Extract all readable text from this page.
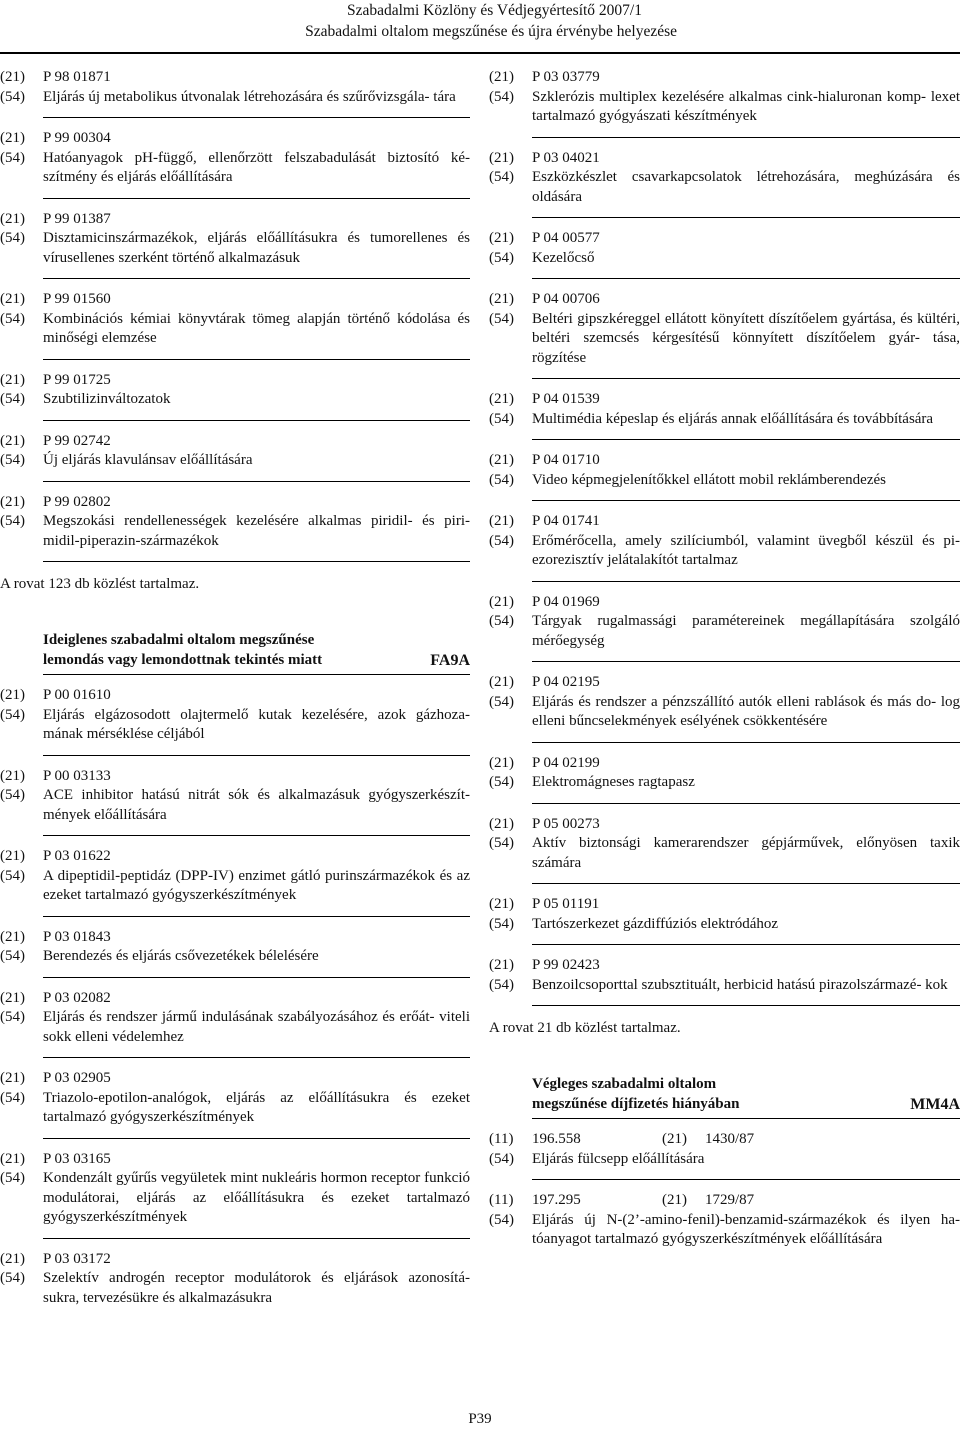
Szabadalmi Közlöny és Védjegyértesítő 2007/1
Szabadalmi oltalom megszűnése és újra érvénybe helyezése
(21)	P 98 01871
(54)	Eljárás új metabolikus útvonalak létrehozására és szűrővizsgála- tára
(21)	P 99 00304
(54)	Hatóanyagok pH-függő, ellenőrzött felszabadulását biztosító ké- szítmény és eljárás előállítására
(21)	P 99 01387
(54)	Disztamicinszármazékok, eljárás előállításukra és tumorellenes és vírusellenes szerként történő alkalmazásuk
(21)	P 99 01560
(54)	Kombinációs kémiai könyvtárak tömeg alapján történő kódolása és minőségi elemzése
(21)	P 99 01725
(54)	Szubtilizinváltozatok
(21)	P 99 02742
(54)	Új eljárás klavulánsav előállítására
(21)	P 99 02802
(54)	Megszokási rendellenességek kezelésére alkalmas piridil- és piri- midil-piperazin-származékok
A rovat 123 db közlést tartalmaz.
Ideiglenes szabadalmi oltalom megszűnése
lemondás vagy lemondottnak tekintés miatt	FA9A
(21)	P 00 01610
(54)	Eljárás elgázosodott olajtermelő kutak kezelésére, azok gázhoza- mának mérséklése céljából
(21)	P 00 03133
(54)	ACE inhibitor hatású nitrát sók és alkalmazásuk gyógyszerkészít- mények előállítására
(21)	P 03 01622
(54)	A dipeptidil-peptidáz (DPP-IV) enzimet gátló purinszármazékok és az ezeket tartalmazó gyógyszerkészítmények
(21)	P 03 01843
(54)	Berendezés és eljárás csővezetékek bélelésére
(21)	P 03 02082
(54)	Eljárás és rendszer jármű indulásának szabályozásához és erőát- viteli sokk elleni védelemhez
(21)	P 03 02905
(54)	Triazolo-epotilon-analógok, eljárás az előállításukra és ezeket tartalmazó gyógyszerkészítmények
(21)	P 03 03165
(54)	Kondenzált gyűrűs vegyületek mint nukleáris hormon receptor funkció modulátorai, eljárás az előállításukra és ezeket tartalmazó gyógyszerkészítmények
(21)	P 03 03172
(54)	Szelektív androgén receptor modulátorok és eljárások azonosítá- sukra, tervezésükre és alkalmazásukra
(21)	P 03 03779
(54)	Szklerózis multiplex kezelésére alkalmas cink-hialuronan komp- lexet tartalmazó gyógyászati készítmények
(21)	P 03 04021
(54)	Eszközkészlet csavarkapcsolatok létrehozására, meghúzására és oldására
(21)	P 04 00577
(54)	Kezelőcső
(21)	P 04 00706
(54)	Beltéri gipszkéreggel ellátott könyített díszítőelem gyártása, és kültéri, beltéri szemcsés kérgesítésű könnyített díszítőelem gyár- tása, rögzítése
(21)	P 04 01539
(54)	Multimédia képeslap és eljárás annak előállítására és továbbítására
(21)	P 04 01710
(54)	Video képmegjelenítőkkel ellátott mobil reklámberendezés
(21)	P 04 01741
(54)	Erőmérőcella, amely szilíciumból, valamint üvegből készül és pi- ezorezisztív jelátalakítót tartalmaz
(21)	P 04 01969
(54)	Tárgyak rugalmassági paramétereinek megállapítására szolgáló mérőegység
(21)	P 04 02195
(54)	Eljárás és rendszer a pénzszállító autók elleni rablások és más do- log elleni bűncselekmények esélyének csökkentésére
(21)	P 04 02199
(54)	Elektromágneses ragtapasz
(21)	P 05 00273
(54)	Aktív biztonsági kamerarendszer gépjárművek, előnyösen taxik számára
(21)	P 05 01191
(54)	Tartószerkezet gázdiffúziós elektródához
(21)	P 99 02423
(54)	Benzoilcsoporttal szubsztituált, herbicid hatású pirazolszármazé- kok
A rovat 21 db közlést tartalmaz.
Végleges szabadalmi oltalom
megszűnése díjfizetés hiányában	MM4A
(11)	196.558	(21)	1430/87
(54)	Eljárás fülcsepp előállítására
(11)	197.295	(21)	1729/87
(54)	Eljárás új N-(2’-amino-fenil)-benzamid-származékok és ilyen ha- tóanyagot tartalmazó gyógyszerkészítmények előállítására
P39
